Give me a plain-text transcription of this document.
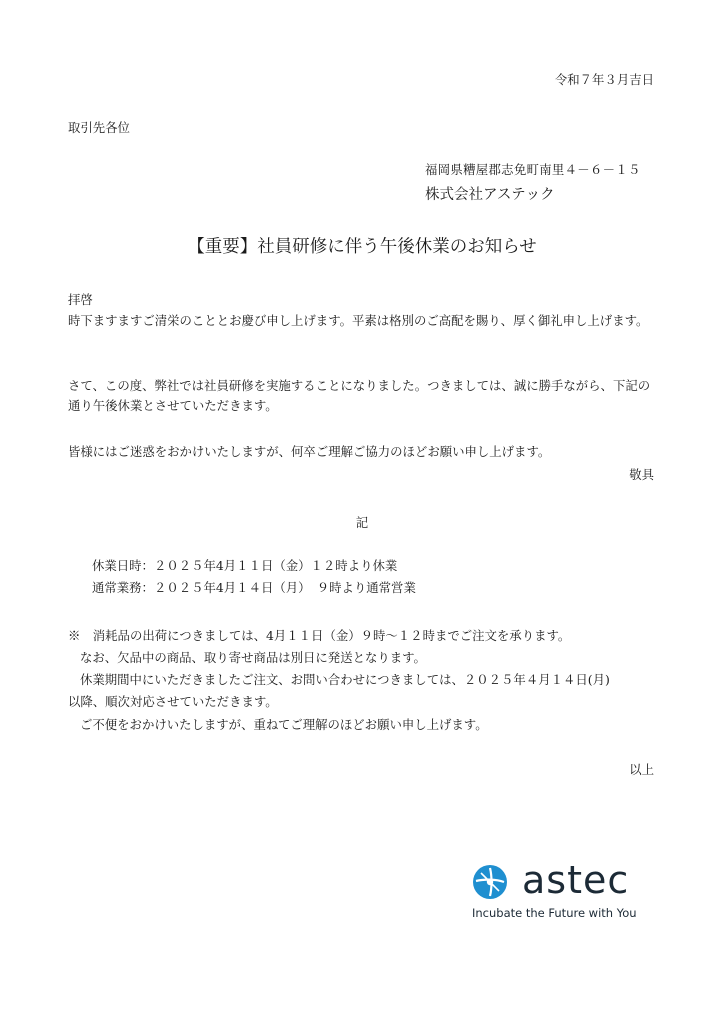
令和７年３月吉日
取引先各位
福岡県糟屋郡志免町南里４－６－１５
株式会社アステック
【重要】社員研修に伴う午後休業のお知らせ
拝啓
時下ますますご清栄のこととお慶び申し上げます。平素は格別のご高配を賜り、厚く御礼申し上げます。
さて、この度、弊社では社員研修を実施することになりました。つきましては、誠に勝手ながら、下記の通り午後休業とさせていただきます。
皆様にはご迷惑をおかけいたしますが、何卒ご理解ご協力のほどお願い申し上げます。
敬具
記
休業日時：２０２５年4月１１日（金）１２時より休業
通常業務：２０２５年4月１４日（月）　９時より通常営業
※　消耗品の出荷につきましては、4月１１日（金）９時～１２時までご注文を承ります。
なお、欠品中の商品、取り寄せ商品は別日に発送となります。
休業期間中にいただきましたご注文、お問い合わせにつきましては、２０２５年４月１４日(月)
以降、順次対応させていただきます。
ご不便をおかけいたしますが、重ねてご理解のほどお願い申し上げます。
以上
astec
Incubate the Future with You
